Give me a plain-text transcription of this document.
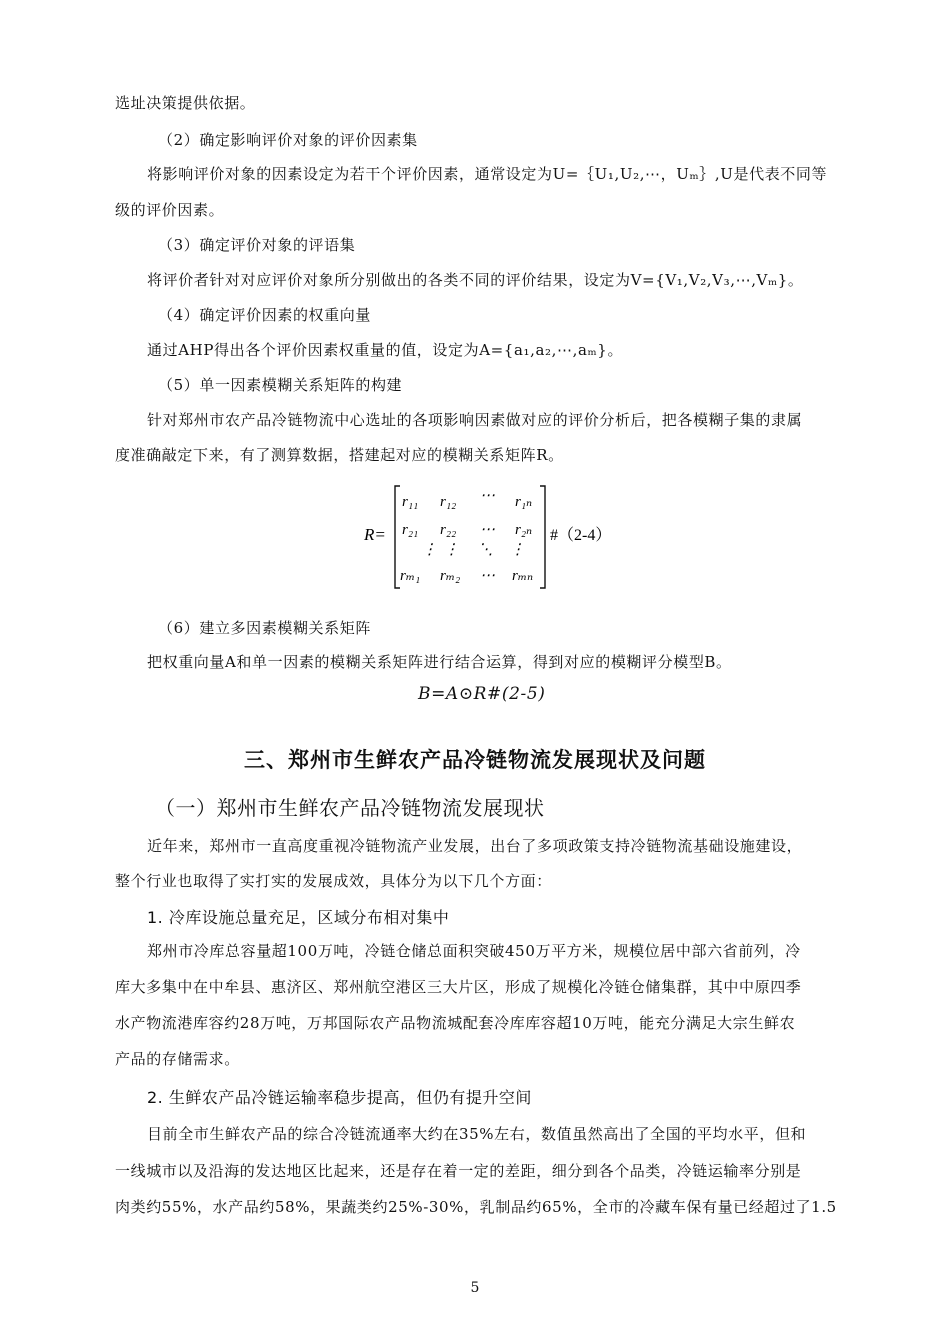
选址决策提供依据。
（2）确定影响评价对象的评价因素集
将影响评价对象的因素设定为若干个评价因素，通常设定为U=｛U₁,U₂,⋯，Uₘ｝,U是代表不同等
级的评价因素。
（3）确定评价对象的评语集
将评价者针对对应评价对象所分别做出的各类不同的评价结果，设定为V={V₁,V₂,V₃,⋯,Vₘ}。
（4）确定评价因素的权重向量
通过AHP得出各个评价因素权重量的值，设定为A={a₁,a₂,⋯,aₘ}。
（5）单一因素模糊关系矩阵的构建
针对郑州市农产品冷链物流中心选址的各项影响因素做对应的评价分析后，把各模糊子集的隶属
度准确敲定下来，有了测算数据，搭建起对应的模糊关系矩阵R。
R=
r₁₁ r₁₂ ⋯ r₁ₙ
r₂₁ r₂₂ ⋯ r₂ₙ
⋮ ⋮ ⋱ ⋮
rₘ₁ rₘ₂ ⋯ rₘₙ
#（2-4）
（6）建立多因素模糊关系矩阵
把权重向量A和单一因素的模糊关系矩阵进行结合运算，得到对应的模糊评分模型B。
B=A⊙R#(2-5)
三、郑州市生鲜农产品冷链物流发展现状及问题
（一）郑州市生鲜农产品冷链物流发展现状
近年来，郑州市一直高度重视冷链物流产业发展，出台了多项政策支持冷链物流基础设施建设，
整个行业也取得了实打实的发展成效，具体分为以下几个方面：
1. 冷库设施总量充足，区域分布相对集中
郑州市冷库总容量超100万吨，冷链仓储总面积突破450万平方米，规模位居中部六省前列，冷
库大多集中在中牟县、惠济区、郑州航空港区三大片区，形成了规模化冷链仓储集群，其中中原四季
水产物流港库容约28万吨，万邦国际农产品物流城配套冷库库容超10万吨，能充分满足大宗生鲜农
产品的存储需求。
2. 生鲜农产品冷链运输率稳步提高，但仍有提升空间
目前全市生鲜农产品的综合冷链流通率大约在35%左右，数值虽然高出了全国的平均水平，但和
一线城市以及沿海的发达地区比起来，还是存在着一定的差距，细分到各个品类，冷链运输率分别是
肉类约55%，水产品约58%，果蔬类约25%-30%，乳制品约65%，全市的冷藏车保有量已经超过了1.5
5
